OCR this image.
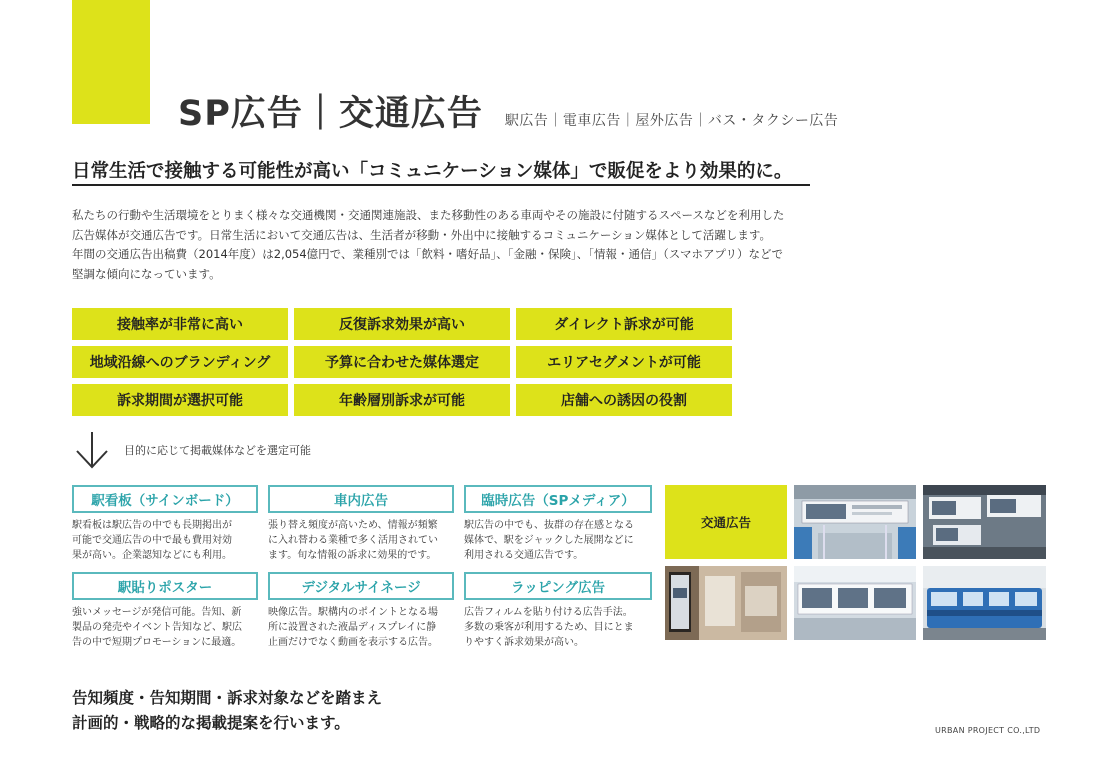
SP広告｜交通広告 駅広告｜電車広告｜屋外広告｜バス・タクシー広告
日常生活で接触する可能性が高い「コミュニケーション媒体」で販促をより効果的に。
私たちの行動や生活環境をとりまく様々な交通機関・交通関連施設、また移動性のある車両やその施設に付随するスペースなどを利用した
広告媒体が交通広告です。日常生活において交通広告は、生活者が移動・外出中に接触するコミュニケーション媒体として活躍します。
年間の交通広告出稿費（2014年度）は2,054億円で、業種別では「飲料・嗜好品」、「金融・保険」、「情報・通信」（スマホアプリ）などで
堅調な傾向になっています。
接触率が非常に高い	反復訴求効果が高い	ダイレクト訴求が可能
地域沿線へのブランディング	予算に合わせた媒体選定	エリアセグメントが可能
訴求期間が選択可能	年齢層別訴求が可能	店舗への誘因の役割
目的に応じて掲載媒体などを選定可能
駅看板（サインボード）
駅看板は駅広告の中でも長期掲出が
可能で交通広告の中で最も費用対効
果が高い。企業認知などにも利用。
車内広告
張り替え頻度が高いため、情報が頻繁
に入れ替わる業種で多く活用されてい
ます。旬な情報の訴求に効果的です。
臨時広告（SPメディア）
駅広告の中でも、抜群の存在感となる
媒体で、駅をジャックした展開などに
利用される交通広告です。
駅貼りポスター
強いメッセージが発信可能。告知、新
製品の発売やイベント告知など、駅広
告の中で短期プロモーションに最適。
デジタルサイネージ
映像広告。駅構内のポイントとなる場
所に設置された液晶ディスプレイに静
止画だけでなく動画を表示する広告。
ラッピング広告
広告フィルムを貼り付ける広告手法。
多数の乗客が利用するため、目にとま
りやすく訴求効果が高い。
交通広告
告知頻度・告知期間・訴求対象などを踏まえ
計画的・戦略的な掲載提案を行います。	URBAN PROJECT CO.,LTD
